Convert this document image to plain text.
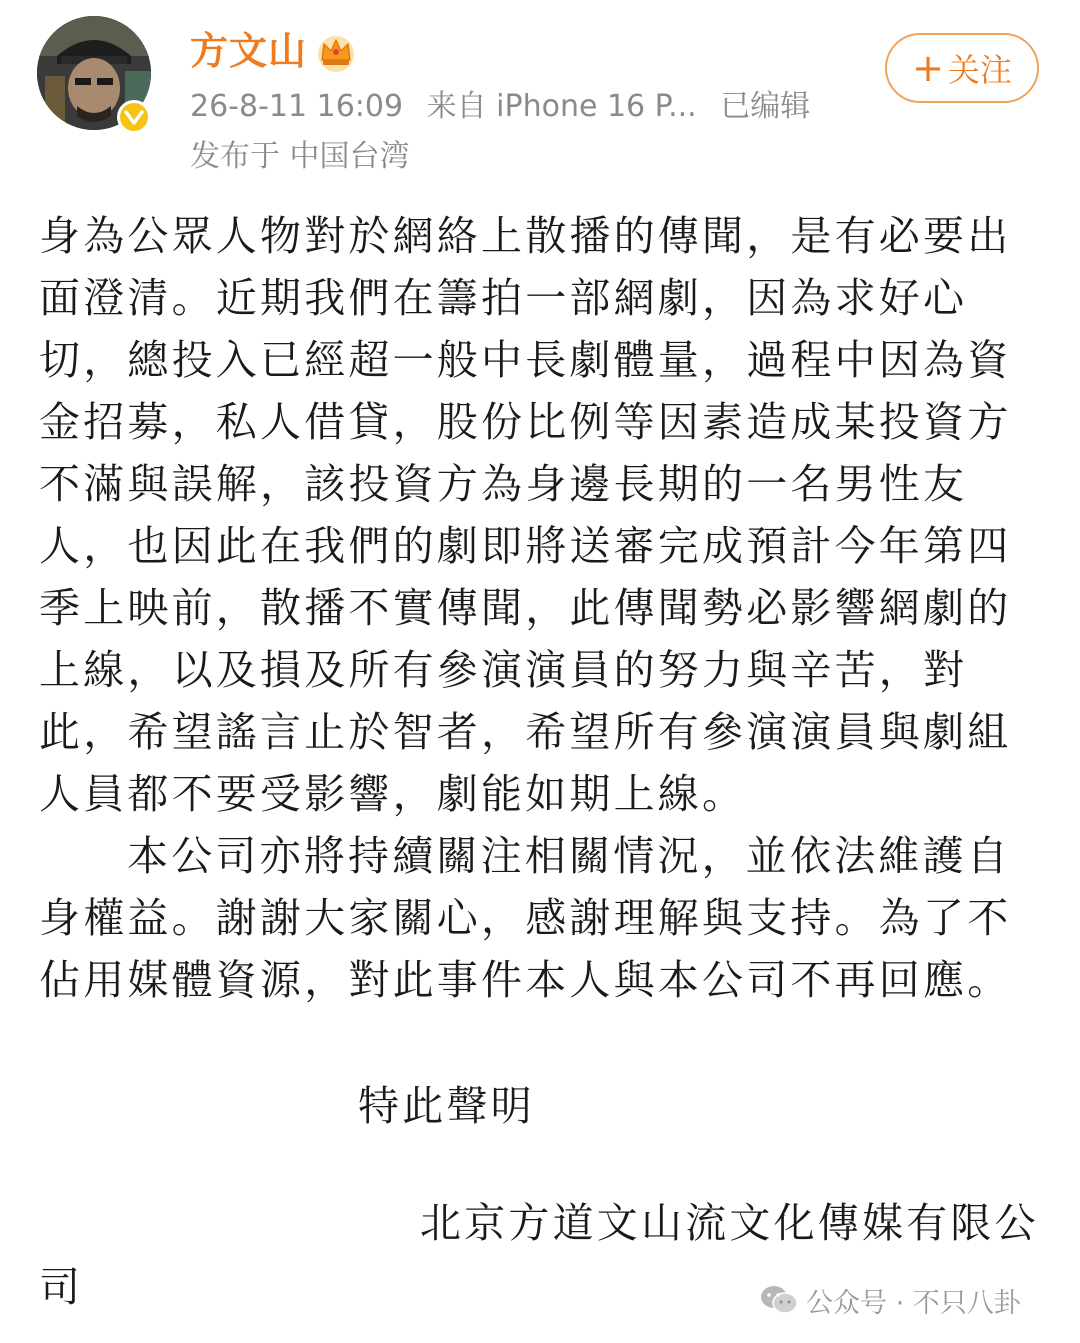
方文山
26-8-11 16:09 来自 iPhone 16 P... 已编辑
发布于 中国台湾
+ 关注

身為公眾人物對於網絡上散播的傳聞，是有必要出面澄清。近期我們在籌拍一部網劇，因為求好心切，總投入已經超一般中長劇體量，過程中因為資金招募，私人借貸，股份比例等因素造成某投資方不滿與誤解，該投資方為身邊長期的一名男性友人，也因此在我們的劇即將送審完成預計今年第四季上映前，散播不實傳聞，此傳聞勢必影響網劇的上線，以及損及所有參演演員的努力與辛苦，對此，希望謠言止於智者，希望所有參演演員與劇組人員都不要受影響，劇能如期上線。

本公司亦將持續關注相關情況，並依法維護自身權益。謝謝大家關心，感謝理解與支持。為了不佔用媒體資源，對此事件本人與本公司不再回應。

特此聲明
北京方道文山流文化傳媒有限公
司	公众号 · 不只八卦
